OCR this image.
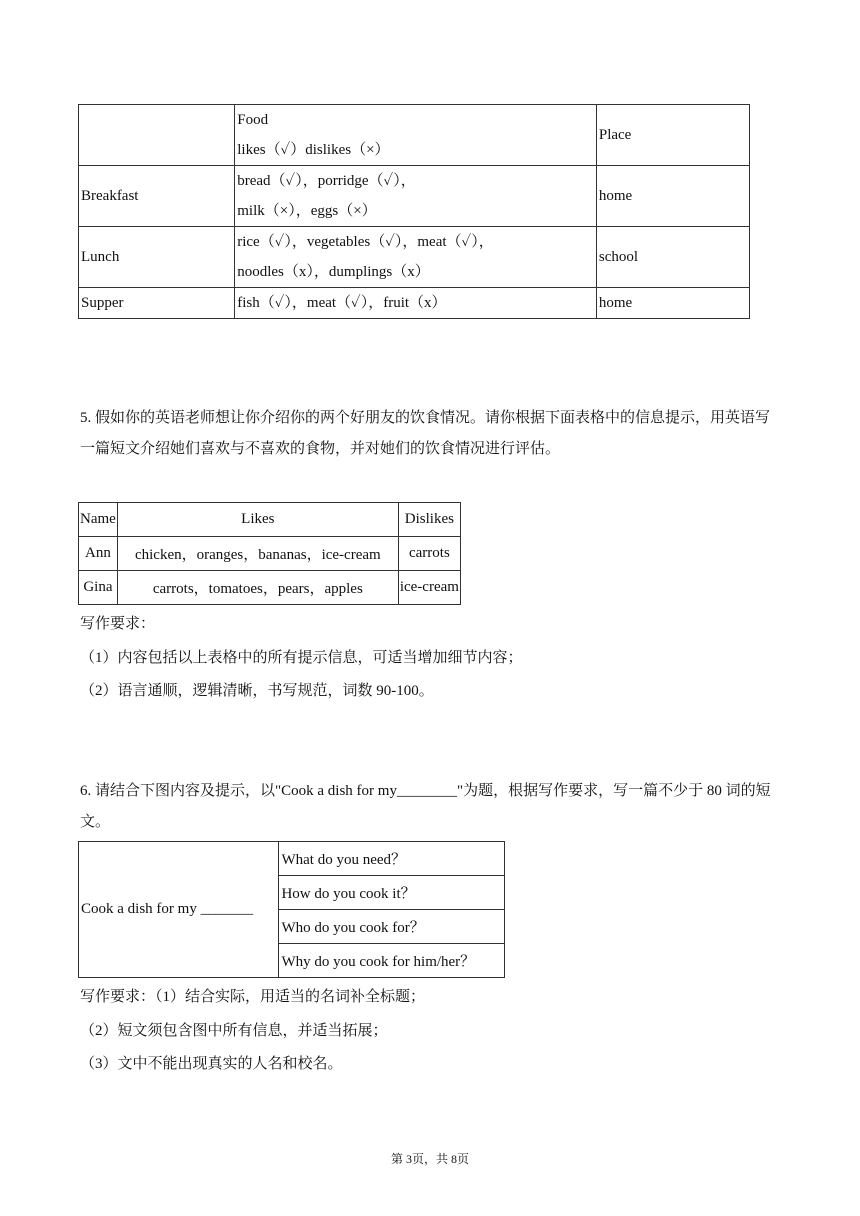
	Food
likes（✓）dislikes（×）	Place
Breakfast	bread（✓），porridge（✓），
milk（×），eggs（×）	home
Lunch	rice（✓），vegetables（✓），meat（✓），
noodles（x），dumplings（x）	school
Supper	fish（✓），meat（✓），fruit（x）	home
5. 假如你的英语老师想让你介绍你的两个好朋友的饮食情况。请你根据下面表格中的信息提示，用英语写一篇短文介绍她们喜欢与不喜欢的食物，并对她们的饮食情况进行评估。
Name	Likes	Dislikes
Ann	chicken，oranges，bananas，ice-cream	carrots
Gina	carrots，tomatoes，pears，apples	ice-cream
写作要求：
（1）内容包括以上表格中的所有提示信息，可适当增加细节内容；
（2）语言通顺，逻辑清晰，书写规范，词数 90-100。
6. 请结合下图内容及提示，以"Cook a dish for my________"为题，根据写作要求，写一篇不少于 80 词的短文。
Cook a dish for my _______	What do you need？
How do you cook it？
Who do you cook for？
Why do you cook for him/her？
写作要求：（1）结合实际，用适当的名词补全标题；
（2）短文须包含图中所有信息，并适当拓展；
（3）文中不能出现真实的人名和校名。
第 3页，共 8页
